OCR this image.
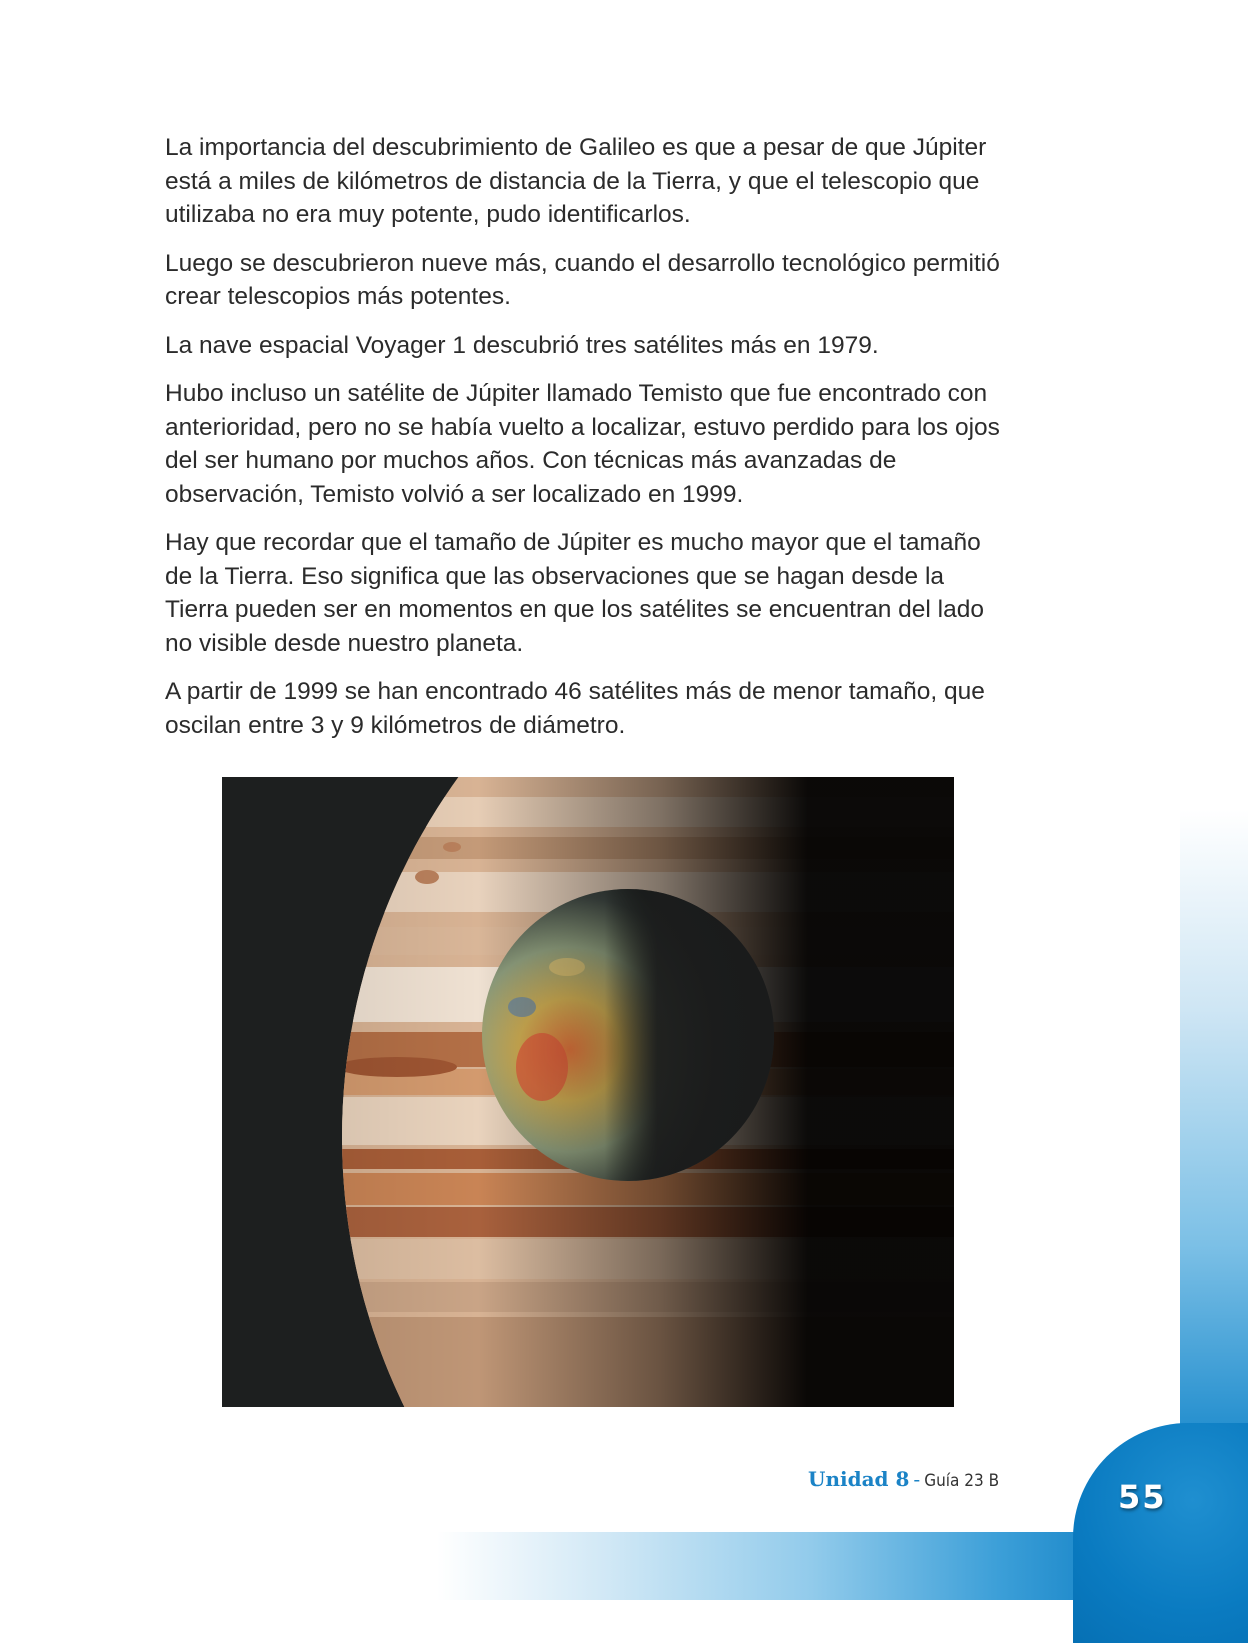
La importancia del descubrimiento de Galileo es que a pesar de que Júpiter está a miles de kilómetros de distancia de la Tierra, y que el telescopio que utilizaba no era muy potente, pudo identificarlos.

Luego se descubrieron nueve más, cuando el desarrollo tecnológico permitió crear telescopios más potentes.

La nave espacial Voyager 1 descubrió tres satélites más en 1979.

Hubo incluso un satélite de Júpiter llamado Temisto que fue encontrado con anterioridad, pero no se había vuelto a localizar, estuvo perdido para los ojos del ser humano por muchos años. Con técnicas más avanzadas de observación, Temisto volvió a ser localizado en 1999.

Hay que recordar que el tamaño de Júpiter es mucho mayor que el tamaño de la Tierra. Eso significa que las observaciones que se hagan desde la Tierra pueden ser en momentos en que los satélites se encuentran del lado no visible desde nuestro planeta.

A partir de 1999 se han encontrado 46 satélites más de menor tamaño, que oscilan entre 3 y 9 kilómetros de diámetro.

Unidad 8 - Guía 23 B	55
